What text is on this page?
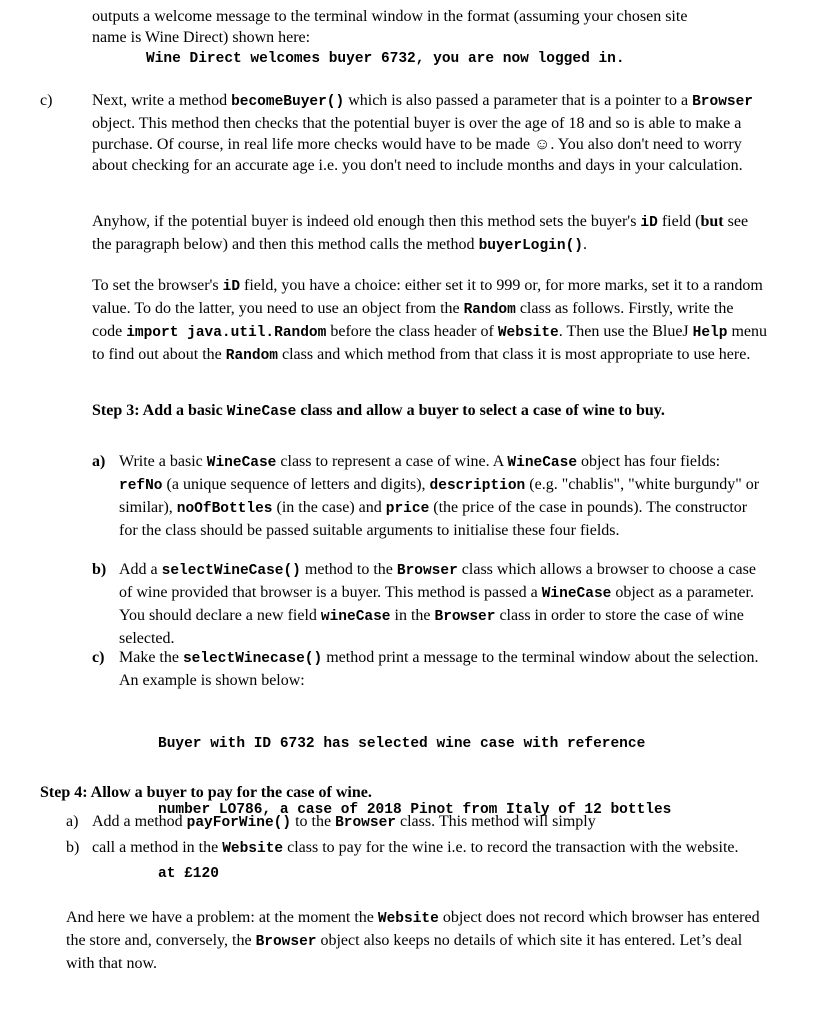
outputs a welcome message to the terminal window in the format (assuming your chosen site

name is Wine Direct) shown here:

Wine Direct welcomes buyer 6732, you are now logged in.
c) Next, write a method becomeBuyer() which is also passed a parameter that is a pointer to a Browser object. This method then checks that the potential buyer is over the age of 18 and so is able to make a purchase. Of course, in real life more checks would have to be made ☺. You also don't need to worry about checking for an accurate age i.e. you don't need to include months and days in your calculation.

Anyhow, if the potential buyer is indeed old enough then this method sets the buyer's iD field (but see the paragraph below) and then this method calls the method buyerLogin().

To set the browser's iD field, you have a choice: either set it to 999 or, for more marks, set it to a random value. To do the latter, you need to use an object from the Random class as follows. Firstly, write the code import java.util.Random before the class header of Website. Then use the BlueJ Help menu to find out about the Random class and which method from that class it is most appropriate to use here.

Step 3: Add a basic WineCase class and allow a buyer to select a case of wine to buy.
a) Write a basic WineCase class to represent a case of wine. A WineCase object has four fields: refNo (a unique sequence of letters and digits), description (e.g. "chablis", "white burgundy" or similar), noOfBottles (in the case) and price (the price of the case in pounds). The constructor for the class should be passed suitable arguments to initialise these four fields.

b) Add a selectWineCase() method to the Browser class which allows a browser to choose a case of wine provided that browser is a buyer. This method is passed a WineCase object as a parameter. You should declare a new field wineCase in the Browser class in order to store the case of wine selected.

c) Make the selectWinecase() method print a message to the terminal window about the selection. An example is shown below:

Buyer with ID 6732 has selected wine case with reference

number LO786, a case of 2018 Pinot from Italy of 12 bottles

at £120

Step 4: Allow a buyer to pay for the case of wine.
a) Add a method payForWine() to the Browser class. This method will simply
b) call a method in the Website class to pay for the wine i.e. to record the transaction with the website.

And here we have a problem: at the moment the Website object does not record which browser has entered the store and, conversely, the Browser object also keeps no details of which site it has entered. Let’s deal with that now.
